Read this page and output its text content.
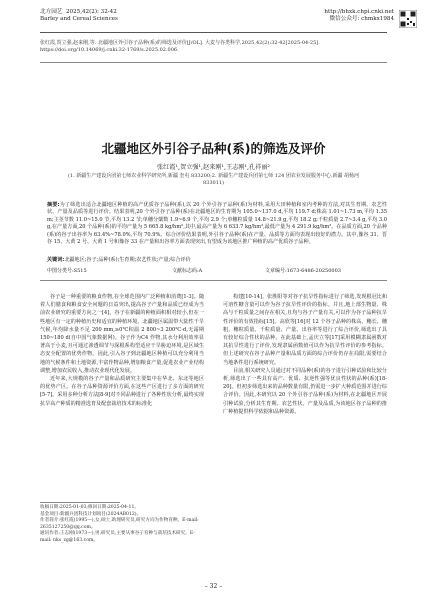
北方园艺 2025,42(2): 32-42
Barley and Cereal Sciences
http://bhxk.chpi.cnki.net
微信公众号: chmkx1984
张红霞,贺立强,赵来刚,等. 北疆地区外引谷子品种(系)的筛选及评价[J/OL]. 大麦与谷类科学,2025,42(2):32-42[2025-04-25]. https://doi.org/10.14069/j.cnki.32-1769/s.2025.02.006.
北疆地区外引谷子品种(系)的筛选及评价
张红霞¹,贺立强¹,赵来刚¹,王志刚¹,孔祥丽²
(1. 新疆生产建设兵团第七师农业科学研究所,新疆 奎屯 833200;2. 新疆生产建设兵团第七师 124 团农业发展服务中心,新疆 胡杨河 833011)
摘要:为了筛选出适合北疆地区种植的高产优质谷子品种(系),以 20 个外引谷子品种(系)为材料,采用大田种植和室内考种的方法,对其生育期、农艺性状、产量及品质等进行评价。结果表明,20 个外引谷子品种(系)在北疆地区的生育期为 105.0~137.0 d,平均 119.7 d;株高 1.01~1.73 m,平均 1.35 m;主茎节数 11.0~15.0 节,平均 13.2 节;单穗分蘖数 1.9~6.9 个,平均 2.9 个;单穗粒质量 14.8~21.9 g,平均 18.2 g;千粒质量 2.7~3.4 g,平均 3.0 g,在产量方面,20 个品种(系)的平均产量为 5 665.8 kg/hm²,其中,最高产量为 6 633.7 kg/hm²,最低产量为 4 291.9 kg/hm²。在品质方面,20 个品种(系)的谷子出谷率为 63.4%~78.0%,平均 70.9%。综合评价结果表明,外引谷子品种(系)在产量、品质等方面均表现出较好的潜力。其中,豫谷 31、晋谷 15、大黄 2 号、大黄 1 号和豫谷 33 在产量和出谷率方面表现突出,有望成为该地区推广种植的高产优质谷子品种。
关键词:北疆地区;谷子;品种(系);生育期;农艺性状;产量;综合评价
中图分类号:S515	文献标志码:A	文章编号:1673-6486-20250003

谷子是一种重要的粮食作物,在全球范围内广泛种植和消费[1-3]。随着人们膳食和粮食安全问题的日益突出,提高谷子产量和品质已经成为当前农业研究的重要方向之一[4]。谷子在新疆的种植面积相对较小,但在一些地区有一定的种植历史和适宜的种植环境。北疆地区属温带大陆性干旱气候,年均降水量不足 200 mm,≥0℃积温 2 800~3 200℃·d,无霜期 150~180 d(自中国气象数据网)。谷子作为C4 作物,其水分利用效率显著高于小麦,且可通过渗透调节与深根系构型适应干旱胁迫环境,是区域生态安全配置的优势作物。因此,引入谷子到北疆地区种植可以充分利用当地的气候条件和土地资源,丰富作物品种,增加粮食产量,促进农业产业结构调整,增加农民收入,推动农业现代化发展。

近年来,大规模的谷子产量和品质研究主要集中在华北、东北等地区的优势产区。在谷子品种资源评价方面,在这些产区进行了多方面的研究[5-7]。采用多种分析方法[8-9]对不同品种进行了各种性状分析,最终实现抗旱高产种质的精准选育及配套栽培技术的标准化

构建[10-14]。张胜阳等对谷子抗旱性指标进行了筛选,发现根冠比和可溶性糖含量可以作为谷子抗旱性评价的指标。并且,地上部生物量、株高与千粒质量之间存在相关,且均与谷子产量有关,可以作为谷子品种抗旱性评价的有效指标[15]。高欣等[16]对 12 个谷子品种的株高、穗长、穗粗、穗粒质量、千粒质量、产量、出谷率等进行了综合评价,筛选出了具有较好综合性状的品种。在此基础上,孟庆立等[17]采用模糊隶属函数对其抗旱性进行了评价,发现隶属函数值可以作为抗旱性评价的参考指标。但上述研究在谷子品种产量和品质方面的综合评价仍存在局限,需要结合当地条件进行系统研究。

目前,相关研究人员通过对不同品种(系)的谷子进行引种试验和比较分析,筛选出了一些具有高产、优质、抗逆性强等优良性状的品种(系)[18-20]。但初步筛选出来的品种数量有限,仍需进一步扩大种质范围并进行综合评价。因此,本研究以 20 个外引谷子品种(系)为材料,在北疆地区开展引种试验,分析其生育期、农艺性状、产量及品质,为该地区谷子品种的推广种植提供科学依据和品种资源。

收稿日期:2025-01-03;修回日期:2025-04-11。
基金项目:新疆兵团科技计划项目(2024AB012)。
作者简介:张红霞(1995—),女,硕士,助理研究员,研究方向为作物育种。E-mail: 2635127250@qq.com。
通讯作者:王志刚(1973—),男,研究员,主要从事谷子育种与栽培技术研究。E-mail: nks_zg@163.com。
– 32 –
